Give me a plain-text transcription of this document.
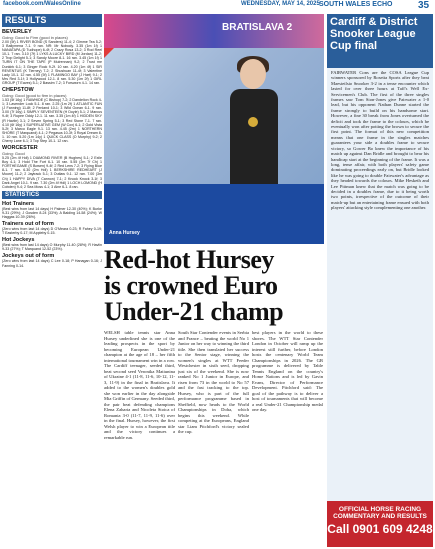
facebook.com/WalesOnline	WEDNESDAY, MAY 14, 2025 SOUTH WALES ECHO	35
RESULTS
BEVERLEY
Going: Good to Firm (good in places)
2.00 (5f) 1 RIVER BOND (S Sanders) 11-4; 2 Gimme Tea 5-2; 3 Ballymena 7-1. 9 ran. NR: Mr Nobody. 3.35 (1m 1f) 1 NANATAPA (D Tudhope) 6-4f; 2 Crazy Rosa 13-2; 3 Rod Reel 10-1. 7 ran. 3.10 (7f) 1 LYKS A LUCKY BIRD (M Jordan) 11-2; 2 Trop Delight 5-1; 3 Sandy Moore 8-1. 16 ran. 3.45 (1m 1f) 1 TURN IT ON THE TAPE (P Mulrennan) 9-2; 2 Trust me Dunkirk 6-1; 3 Ginger Rock 9-2f. 10 ran. 4.20 (1m 4f) 1 SIR REVENTUS (K Tierney) 7-2; 2 Shushuan 11-4f; 3 Valentine Lady 10-1. 12 ran. 4.55 (5f) 1 FLAMINGO BAY (J Hart) 9-1; 2 Mrs Red 3-1f; 3 Hollywood 12-1. 8 ran. 5.30 (1m 2f) 1 GIRL GROUP (T Eaves) 5-1; 2 Bassim 7-2; 3 Forsworn 4-1. 14 ran.
CHEPSTOW
Going: Good (good to firm in places)
1.53 (5f 16y) 1 RAWHIDE (C Bishop) 7-2; 2 Dandelion Rock 4-1; 3 Lavender Lock 5-1. 8 ran. 2.25 (1m 2f) 1 ATLANTIC FUN (J Fanning) 11-8f; 2 Fenland 10-1; 3 Wild Ocean 6-1. 9 ran. 3.00 (7f 16y) 1 SIMPLY SEVENTEEN (H Doyle) 5-1; 2 Marcus 9-4f; 3 Rupee Oddy 12-1. 11 ran. 3.35 (1m 4f) 1 HIDDEN SKY (R Havlin) 3-1; 2 Seven Spring 5-1; 3 Red Stone 7-1. 7 ran. 4.10 (6f 16y) 1 SUPERLATIVE GEM (W Cox) 6-1; 2 Gold Vista 5-2f; 3 Marco Eagle 9-1. 13 ran. 4.45 (2m) 1 NORTHERN SHORE (T Marquand) 4-1; 2 Pegasus 10-3f; 3 Royal Dream 8-1. 10 ran. 5.20 (1m 14y) 1 QUICK CLASS (O Murphy) 9-2; 2 Cherry Lane 6-1; 3 Top Step 10-1. 12 ran.
WORCESTER
Going: Good
5.25 (2m 4f Hdl) 1 DIAMOND RIVER (B Hughes) 5-1; 2 Exile Boy 4-1; 3 Hold The Fort 6-1. 10 ran. 5.55 (2m 7f Ch) 1 FORTHEGAME (S Bowen) 9-4f; 2 Red Lens 7-2; 3 Flying Blue 8-1. 7 ran. 6.30 (2m Hdl) 1 BERKSHIRE REDHEART (J Moore) 11-2; 2 Jaytrack 5-1; 3 Outlaw 9-1. 12 ran. 7.00 (3m Ch) 1 HAPPY DIVA (T Cannon) 7-1; 2 Knock Knock 3-1f; 3 Dark Angel 10-1. 9 ran. 7.30 (2m 4f Hdl) 1 LOCH LOMOND (H Cobden) 9-4; 2 Sea Moss 4-1; 3 Aine 6-1. 8 ran.
STATISTICS
Hot Trainers
(Best wins from last 14 days) H Palmer 12-30 (40%); K Burke 9-31 (29%); J Gosden 8-24 (33%); A Balding 14-58 (24%); W Haggas 10-39 (26%).
Trainers out of form
(Zero wins from last 14 days) D O'Meara 0-23; R Fahey 0-19; T Easterby 0-17; M Appleby 0-15.
Hot Jockeys
(Best wins from last 14 days) O Murphy 11-40 (28%); R Havlin 9-33 (27%); T Marquand 12-52 (23%).
Jockeys out of form
(Zero wins from last 14 days) C Lee 0-18; P Hanagan 0-16; J Fanning 0-14.
BRATISLAVA 2
Anna Hursey
Red-hot Hursey
is crowned Euro
Under-21 champ
WELSH table tennis star Anna Hursey underlined she is one of the leading prospects in the sport by becoming European Under-21 champion at the age of 18 – her fifth international tournament win in a row. The Cardiff teenager, seeded third, beat second seed Veronika Matiunina of Ukraine 4-1 (11-8, 11-6, 10-12, 11-3, 11-9) in the final in Bratislava. It added to the women's doubles gold she won earlier in the day alongside Mia Griffin of Germany. Seeded third, the pair beat defending champions Elena Zaharia and Nicoleta Stoica of Romania 3-0 (11-7, 11-9, 11-6) over in the final. Hursey, however, the first Welsh player to win a European title and the victory continues a remarkable run.
South Star Contender events in Serbia and France – beating the world No 1 Junior on her way to winning the third title. She then translated her success to the Senior stage, winning the women's singles at WTT Feeder Westchester in sixth seed, dropping just six of the weekend. She is now ranked No 1 Junior in Europe, and risen from 73 in the world to No 57 and the fast tracking to the top. Hursey, who is part of the full performance programme based in Sheffield, now heads to the World Championships in Doha, which begins this weekend. While competing at the Europeans, England star Liam Pitchford's victory sealed the cup.
best players in the world to these shores. The WTT Star Contender London in October will ramp up the interest still further, before London hosts the centenary World Team Championships in 2026. The GB programme is delivered by Table Tennis England on the country's Home Nations and is led by Gavin Evans, Director of Performance Development. Pitchford said: The goal of the pathway is to deliver a host of tournaments that will become a real Under-21 Championship medal one day.
Cardiff & District
Snooker League
Cup final
FAIRWATER Cons are the COSA League Cup winners sponsored by Rosetta Sports after they beat Maesteilsio Snooker 3-2 in a tense encounter which lasted for over three hours at Taff's Well Ex-Servicemen's Club. The first of the three singles frames saw Tom Sion-Jones give Fairwater a 1-0 lead, but his opponent Nathan Dunne started the frame strongly to build on his handsome start. However, a fine 30 break from Jones overturned the deficit and took the frame to the colours, which he eventually won after potting the brown to secure the first point. The format of this new competition means that one frame in the singles matches guarantees your side a doubles frame to secure victory, so Gower Bo knew the importance of his match up against Dan Bridle and brought to bear his handicap start at the beginning of the frame. It was a long, tense affair, with both players' safety game dominating proceedings early on, but Bridle looked like he was going to double Fairwater's advantage as they headed towards the colours. Mike Hesketh and Lee Pittman knew that the match was going to be decided in a doubles frame, due to it being worth two points, irrespective of the outcome of their match-up but an entertaining frame ensued with both players' attacking style complementing one another.
OFFICIAL HORSE RACING
COMMENTARY AND RESULTS
Call 0901 609 4248
